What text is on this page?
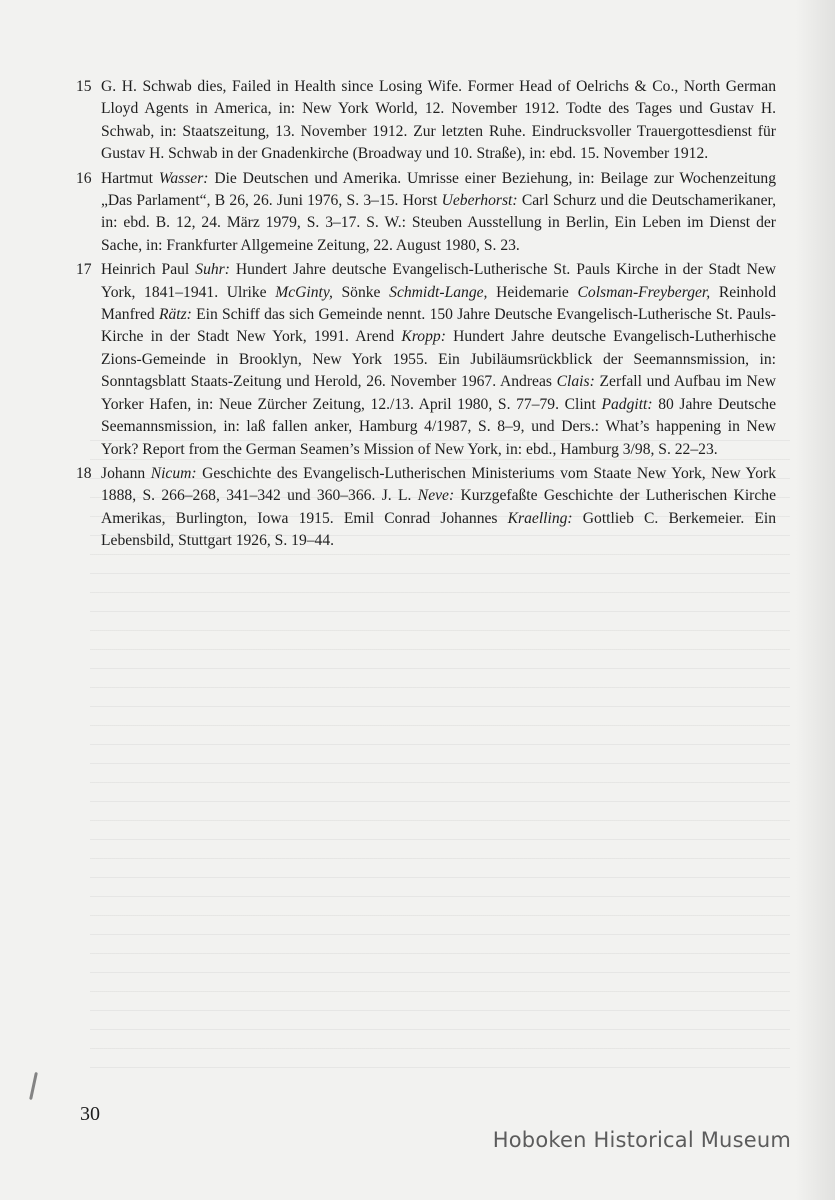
15 G. H. Schwab dies, Failed in Health since Losing Wife. Former Head of Oelrichs & Co., North German Lloyd Agents in America, in: New York World, 12. November 1912. Todte des Tages und Gustav H. Schwab, in: Staatszeitung, 13. November 1912. Zur letzten Ruhe. Eindrucksvoller Trauergottesdienst für Gustav H. Schwab in der Gnadenkirche (Broadway und 10. Straße), in: ebd. 15. November 1912.
16 Hartmut Wasser: Die Deutschen und Amerika. Umrisse einer Beziehung, in: Beilage zur Wochenzeitung „Das Parlament“, B 26, 26. Juni 1976, S. 3–15. Horst Ueberhorst: Carl Schurz und die Deutschamerikaner, in: ebd. B. 12, 24. März 1979, S. 3–17. S. W.: Steuben Ausstellung in Berlin, Ein Leben im Dienst der Sache, in: Frankfurter Allgemeine Zeitung, 22. August 1980, S. 23.
17 Heinrich Paul Suhr: Hundert Jahre deutsche Evangelisch-Lutherische St. Pauls Kirche in der Stadt New York, 1841–1941. Ulrike McGinty, Sönke Schmidt-Lange, Heidemarie Colsman-Freyberger, Reinhold Manfred Rätz: Ein Schiff das sich Gemeinde nennt. 150 Jahre Deutsche Evangelisch-Lutherische St. Pauls-Kirche in der Stadt New York, 1991. Arend Kropp: Hundert Jahre deutsche Evangelisch-Lutherhische Zions-Gemeinde in Brooklyn, New York 1955. Ein Jubiläumsrückblick der Seemannsmission, in: Sonntagsblatt Staats-Zeitung und Herold, 26. November 1967. Andreas Clais: Zerfall und Aufbau im New Yorker Hafen, in: Neue Zürcher Zeitung, 12./13. April 1980, S. 77–79. Clint Padgitt: 80 Jahre Deutsche Seemannsmission, in: laß fallen anker, Hamburg 4/1987, S. 8–9, und Ders.: What’s happening in New York? Report from the German Seamen’s Mission of New York, in: ebd., Hamburg 3/98, S. 22–23.
18 Johann Nicum: Geschichte des Evangelisch-Lutherischen Ministeriums vom Staate New York, New York 1888, S. 266–268, 341–342 und 360–366. J. L. Neve: Kurzgefaßte Geschichte der Lutherischen Kirche Amerikas, Burlington, Iowa 1915. Emil Conrad Johannes Kraelling: Gottlieb C. Berkemeier. Ein Lebensbild, Stuttgart 1926, S. 19–44.
30
Hoboken Historical Museum
